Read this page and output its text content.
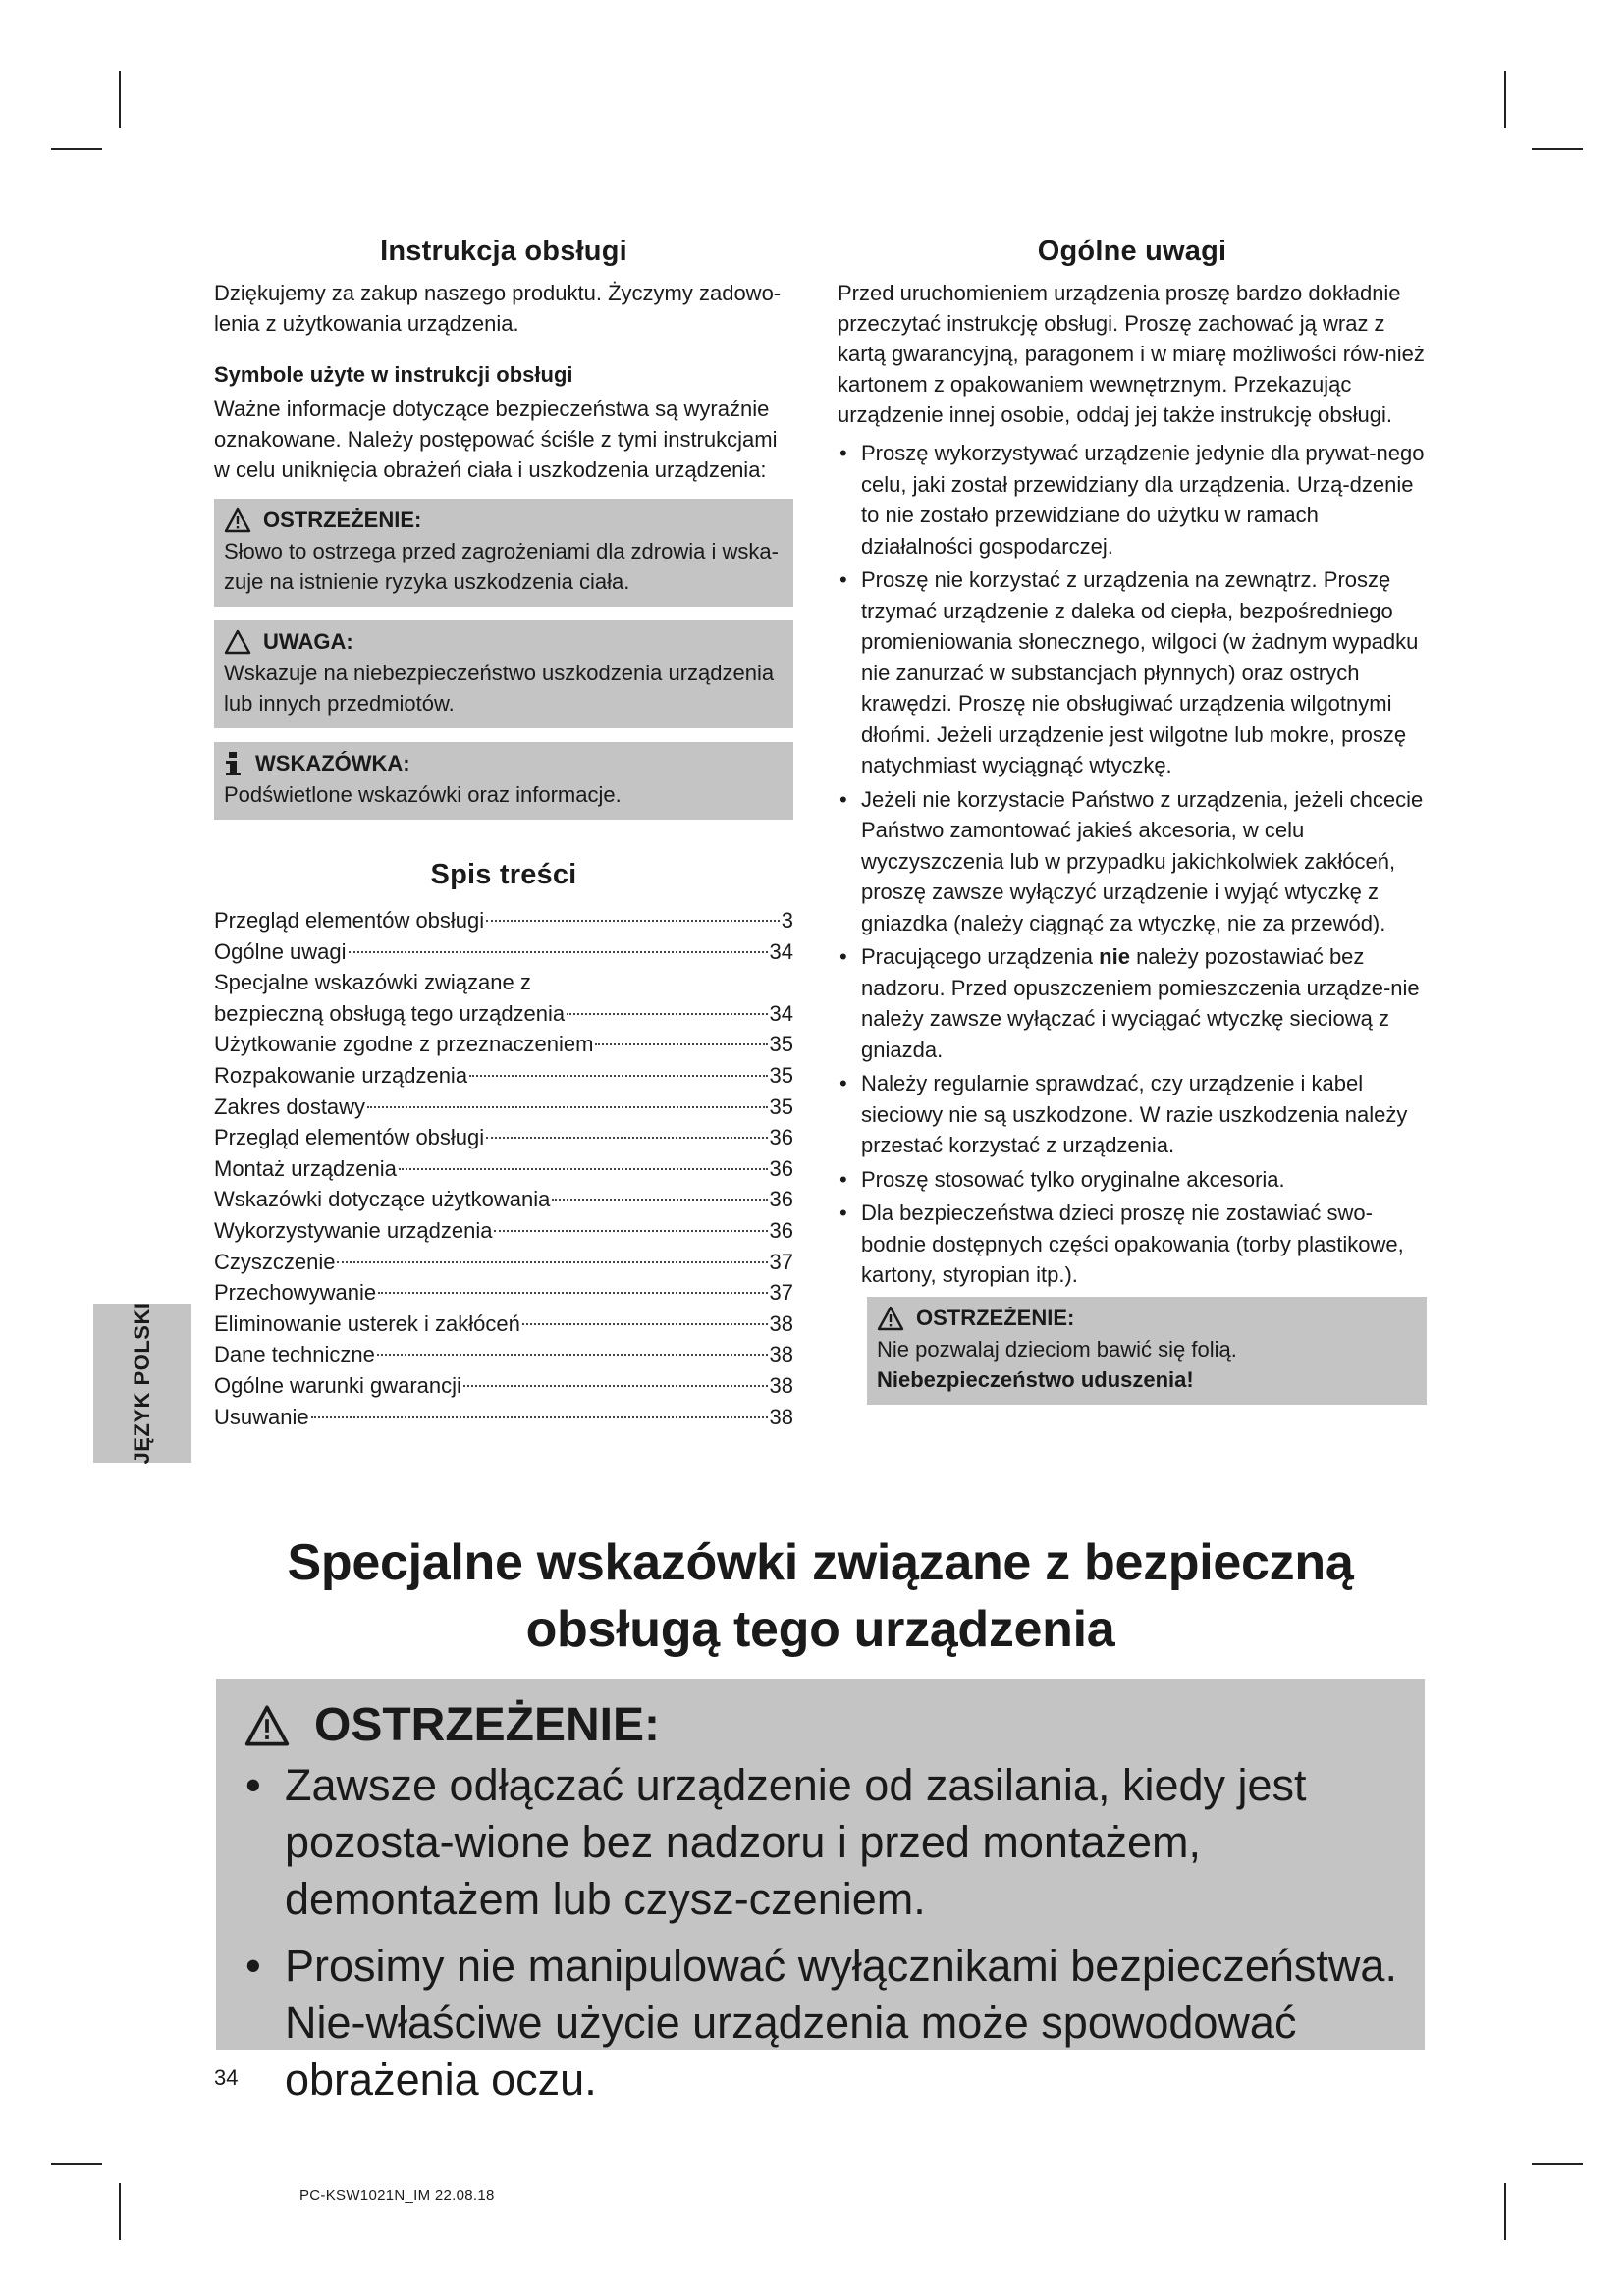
Instrukcja obsługi

Dziękujemy za zakup naszego produktu. Życzymy zadowo-lenia z użytkowania urządzenia.

Symbole użyte w instrukcji obsługi

Ważne informacje dotyczące bezpieczeństwa są wyraźnie oznakowane. Należy postępować ściśle z tymi instrukcjami w celu uniknięcia obrażeń ciała i uszkodzenia urządzenia:

OSTRZEŻENIE:
Słowo to ostrzega przed zagrożeniami dla zdrowia i wska-zuje na istnienie ryzyka uszkodzenia ciała.
UWAGA:
Wskazuje na niebezpieczeństwo uszkodzenia urządzenia lub innych przedmiotów.
WSKAZÓWKA:
Podświetlone wskazówki oraz informacje.
Spis treści
Przegląd elementów obsługi	3
Ogólne uwagi	34
Specjalne wskazówki związane z
bezpieczną obsługą tego urządzenia	34
Użytkowanie zgodne z przeznaczeniem	35
Rozpakowanie urządzenia	35
Zakres dostawy	35
Przegląd elementów obsługi	36
Montaż urządzenia	36
Wskazówki dotyczące użytkowania	36
Wykorzystywanie urządzenia	36
Czyszczenie	37
Przechowywanie	37
Eliminowanie usterek i zakłóceń	38
Dane techniczne	38
Ogólne warunki gwarancji	38
Usuwanie	38
Ogólne uwagi

Przed uruchomieniem urządzenia proszę bardzo dokładnie przeczytać instrukcję obsługi. Proszę zachować ją wraz z kartą gwarancyjną, paragonem i w miarę możliwości rów-nież kartonem z opakowaniem wewnętrznym. Przekazując urządzenie innej osobie, oddaj jej także instrukcję obsługi.

• Proszę wykorzystywać urządzenie jedynie dla prywat-nego celu, jaki został przewidziany dla urządzenia. Urzą-dzenie to nie zostało przewidziane do użytku w ramach działalności gospodarczej.
• Proszę nie korzystać z urządzenia na zewnątrz. Proszę trzymać urządzenie z daleka od ciepła, bezpośredniego promieniowania słonecznego, wilgoci (w żadnym wypadku nie zanurzać w substancjach płynnych) oraz ostrych krawędzi. Proszę nie obsługiwać urządzenia wilgotnymi dłońmi. Jeżeli urządzenie jest wilgotne lub mokre, proszę natychmiast wyciągnąć wtyczkę.
• Jeżeli nie korzystacie Państwo z urządzenia, jeżeli chcecie Państwo zamontować jakieś akcesoria, w celu wyczyszczenia lub w przypadku jakichkolwiek zakłóceń, proszę zawsze wyłączyć urządzenie i wyjąć wtyczkę z gniazdka (należy ciągnąć za wtyczkę, nie za przewód).
• Pracującego urządzenia nie należy pozostawiać bez nadzoru. Przed opuszczeniem pomieszczenia urządze-nie należy zawsze wyłączać i wyciągać wtyczkę sieciową z gniazda.
• Należy regularnie sprawdzać, czy urządzenie i kabel sieciowy nie są uszkodzone. W razie uszkodzenia należy przestać korzystać z urządzenia.
• Proszę stosować tylko oryginalne akcesoria.
• Dla bezpieczeństwa dzieci proszę nie zostawiać swo-bodnie dostępnych części opakowania (torby plastikowe, kartony, styropian itp.).
OSTRZEŻENIE:
Nie pozwalaj dzieciom bawić się folią.
Niebezpieczeństwo uduszenia!
JĘZYK POLSKI
Specjalne wskazówki związane z bezpieczną
obsługą tego urządzenia
OSTRZEŻENIE:
• Zawsze odłączać urządzenie od zasilania, kiedy jest pozosta-wione bez nadzoru i przed montażem, demontażem lub czysz-czeniem.
• Prosimy nie manipulować wyłącznikami bezpieczeństwa. Nie-właściwe użycie urządzenia może spowodować obrażenia oczu.
34
PC-KSW1021N_IM 22.08.18
